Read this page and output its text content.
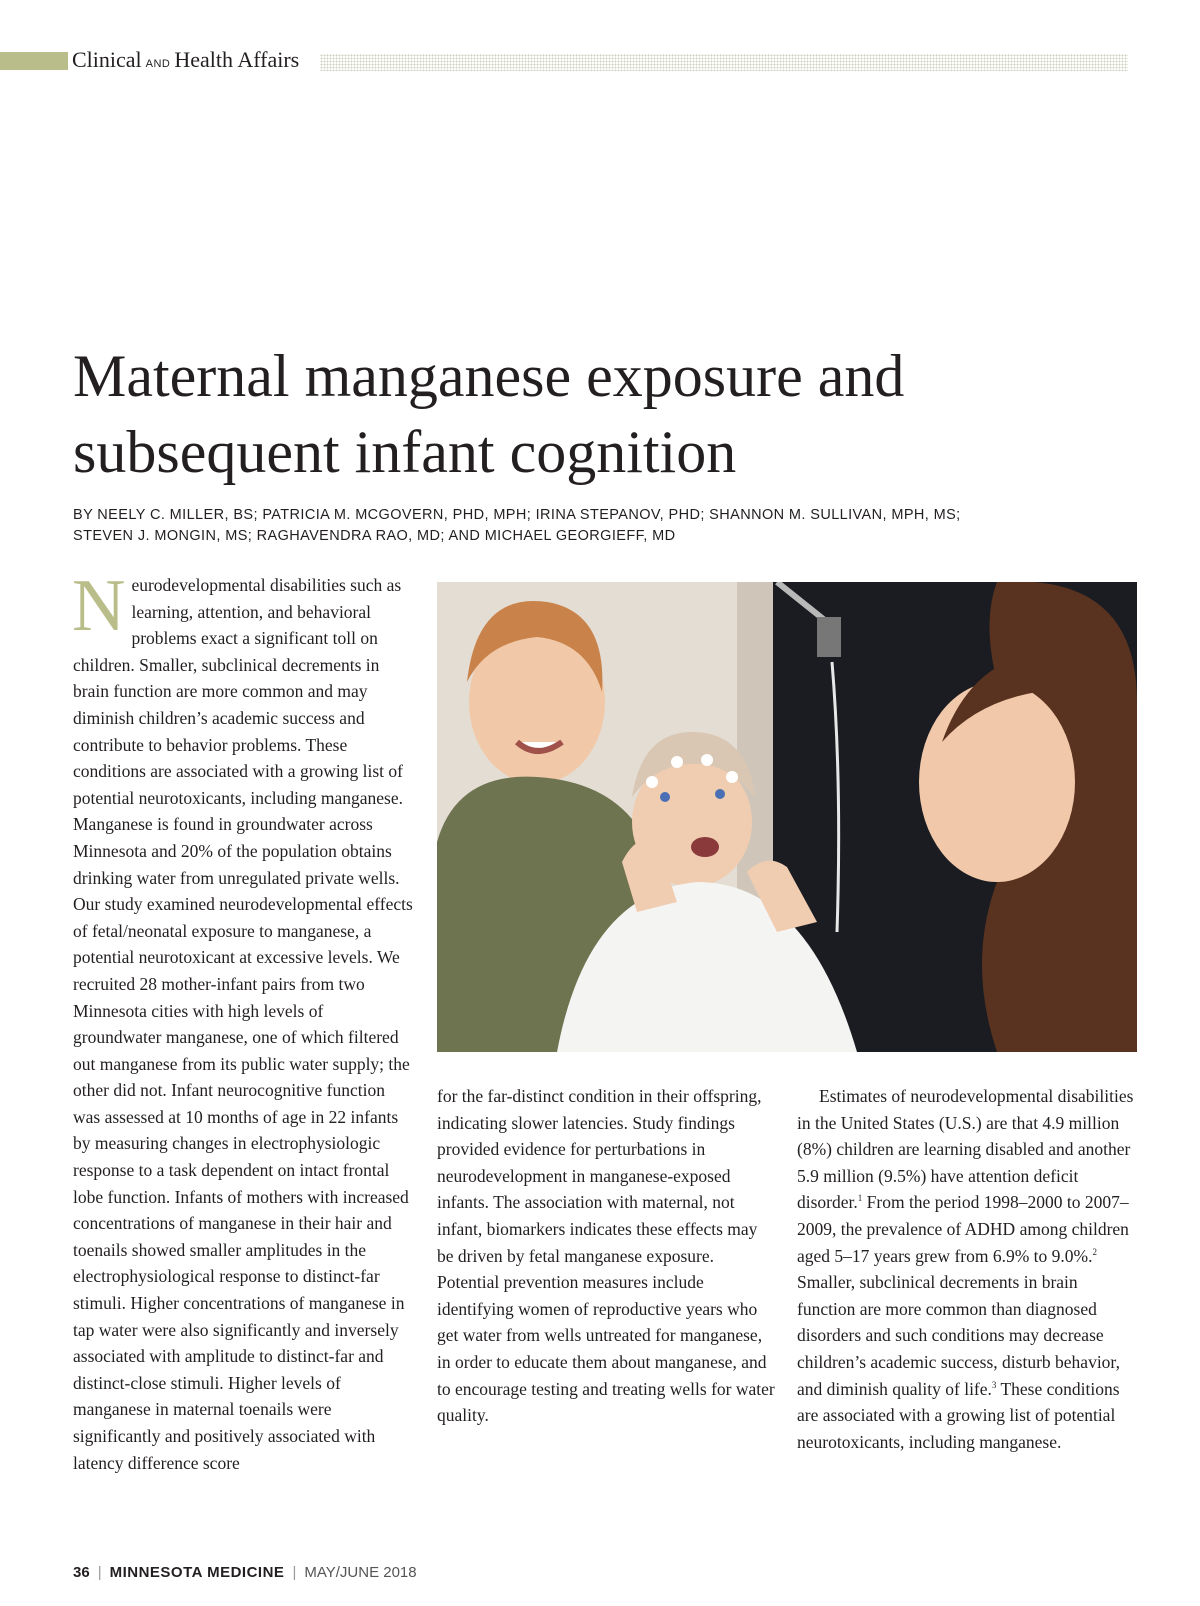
Clinical AND Health Affairs
Maternal manganese exposure and
subsequent infant cognition
BY NEELY C. MILLER, BS; PATRICIA M. MCGOVERN, PHD, MPH; IRINA STEPANOV, PHD; SHANNON M. SULLIVAN, MPH, MS;
STEVEN J. MONGIN, MS; RAGHAVENDRA RAO, MD; AND MICHAEL GEORGIEFF, MD

Neurodevelopmental disabilities such as learning, attention, and behavioral problems exact a significant toll on children. Smaller, subclinical decrements in brain function are more common and may diminish children’s academic success and contribute to behavior problems. These conditions are associated with a growing list of potential neurotoxicants, including manganese. Manganese is found in groundwater across Minnesota and 20% of the population obtains drinking water from unregulated private wells. Our study examined neurodevelopmental effects of fetal/neonatal exposure to manganese, a potential neurotoxicant at excessive levels. We recruited 28 mother-infant pairs from two Minnesota cities with high levels of groundwater manganese, one of which filtered out manganese from its public water supply; the other did not. Infant neurocognitive function was assessed at 10 months of age in 22 infants by measuring changes in electrophysiologic response to a task dependent on intact frontal lobe function. Infants of mothers with increased concentrations of manganese in their hair and toenails showed smaller amplitudes in the electrophysiological response to distinct-far stimuli. Higher concentrations of manganese in tap water were also significantly and inversely associated with amplitude to distinct-far and distinct-close stimuli. Higher levels of manganese in maternal toenails were significantly and positively associated with latency difference score

for the far-distinct condition in their offspring, indicating slower latencies. Study findings provided evidence for perturbations in neurodevelopment in manganese-exposed infants. The association with maternal, not infant, biomarkers indicates these effects may be driven by fetal manganese exposure. Potential prevention measures include identifying women of reproductive years who get water from wells untreated for manganese, in order to educate them about manganese, and to encourage testing and treating wells for water quality.

Estimates of neurodevelopmental disabilities in the United States (U.S.) are that 4.9 million (8%) children are learning disabled and another 5.9 million (9.5%) have attention deficit disorder.$^1$ From the period 1998–2000 to 2007–2009, the prevalence of ADHD among children aged 5–17 years grew from 6.9% to 9.0%.$^2$ Smaller, subclinical decrements in brain function are more common than diagnosed disorders and such conditions may decrease children’s academic success, disturb behavior, and diminish quality of life.$^3$ These conditions are associated with a growing list of potential neurotoxicants, including manganese.

36 | MINNESOTA MEDICINE | MAY/JUNE 2018
